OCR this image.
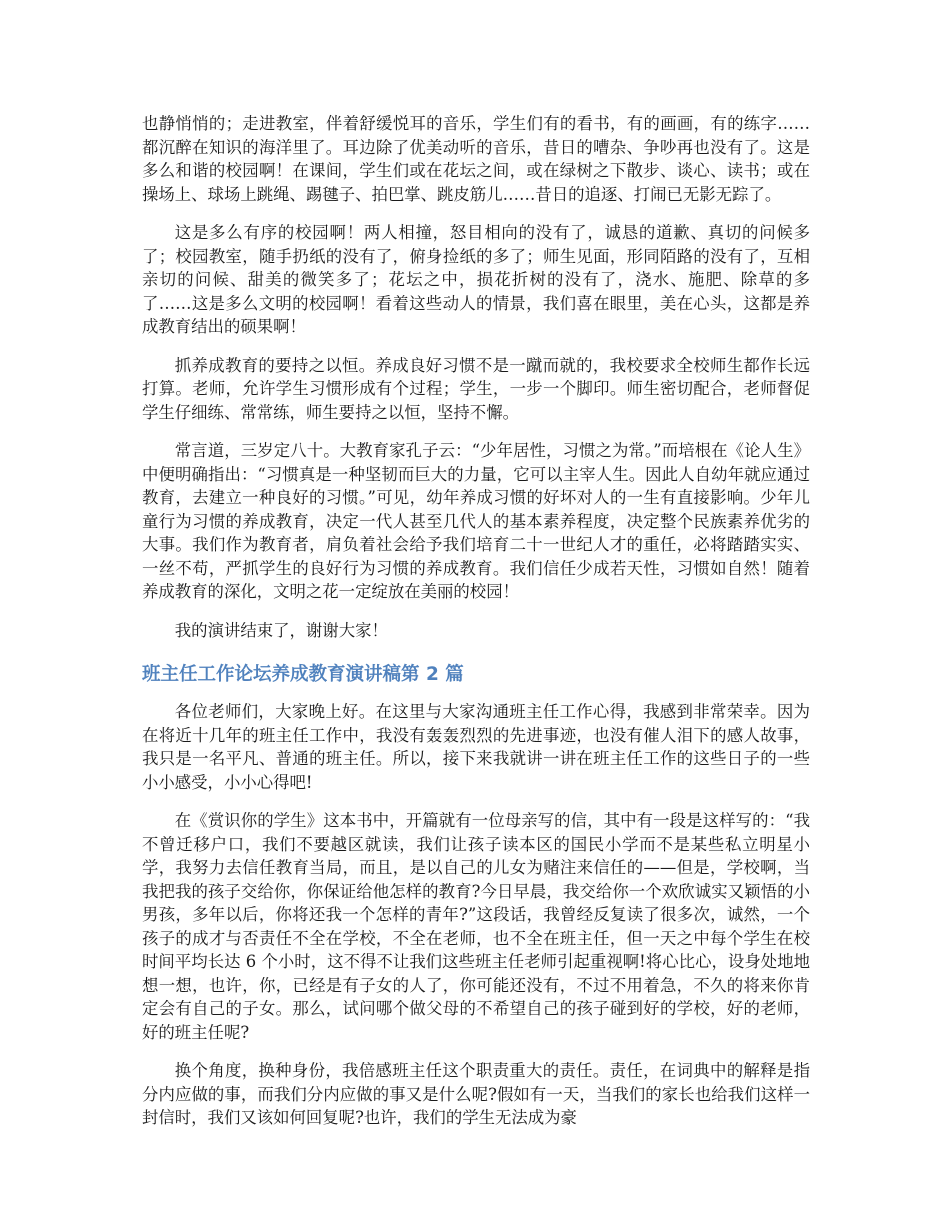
也静悄悄的；走进教室，伴着舒缓悦耳的音乐，学生们有的看书，有的画画，有的练字……都沉醉在知识的海洋里了。耳边除了优美动听的音乐，昔日的嘈杂、争吵再也没有了。这是多么和谐的校园啊！在课间，学生们或在花坛之间，或在绿树之下散步、谈心、读书；或在操场上、球场上跳绳、踢毽子、拍巴掌、跳皮筋儿……昔日的追逐、打闹已无影无踪了。

这是多么有序的校园啊！两人相撞，怒目相向的没有了，诚恳的道歉、真切的问候多了；校园教室，随手扔纸的没有了，俯身捡纸的多了；师生见面，形同陌路的没有了，互相亲切的问候、甜美的微笑多了；花坛之中，损花折树的没有了，浇水、施肥、除草的多了……这是多么文明的校园啊！看着这些动人的情景，我们喜在眼里，美在心头，这都是养成教育结出的硕果啊！

抓养成教育的要持之以恒。养成良好习惯不是一蹴而就的，我校要求全校师生都作长远打算。老师，允许学生习惯形成有个过程；学生，一步一个脚印。师生密切配合，老师督促学生仔细练、常常练，师生要持之以恒，坚持不懈。

常言道，三岁定八十。大教育家孔子云：“少年居性，习惯之为常。”而培根在《论人生》中便明确指出：“习惯真是一种坚韧而巨大的力量，它可以主宰人生。因此人自幼年就应通过教育，去建立一种良好的习惯。”可见，幼年养成习惯的好坏对人的一生有直接影响。少年儿童行为习惯的养成教育，决定一代人甚至几代人的基本素养程度，决定整个民族素养优劣的大事。我们作为教育者，肩负着社会给予我们培育二十一世纪人才的重任，必将踏踏实实、一丝不苟，严抓学生的良好行为习惯的养成教育。我们信任少成若天性，习惯如自然！随着养成教育的深化，文明之花一定绽放在美丽的校园！

我的演讲结束了，谢谢大家！

班主任工作论坛养成教育演讲稿第 2 篇

各位老师们，大家晚上好。在这里与大家沟通班主任工作心得，我感到非常荣幸。因为在将近十几年的班主任工作中，我没有轰轰烈烈的先进事迹，也没有催人泪下的感人故事，我只是一名平凡、普通的班主任。所以，接下来我就讲一讲在班主任工作的这些日子的一些小小感受，小小心得吧!

在《赏识你的学生》这本书中，开篇就有一位母亲写的信，其中有一段是这样写的：“我不曾迁移户口，我们不要越区就读，我们让孩子读本区的国民小学而不是某些私立明星小学，我努力去信任教育当局，而且，是以自己的儿女为赌注来信任的——但是，学校啊，当我把我的孩子交给你，你保证给他怎样的教育?今日早晨，我交给你一个欢欣诚实又颖悟的小男孩，多年以后，你将还我一个怎样的青年?”这段话，我曾经反复读了很多次，诚然，一个孩子的成才与否责任不全在学校，不全在老师，也不全在班主任，但一天之中每个学生在校时间平均长达 6 个小时，这不得不让我们这些班主任老师引起重视啊!将心比心，设身处地地想一想，也许，你，已经是有子女的人了，你可能还没有，不过不用着急，不久的将来你肯定会有自己的子女。那么，试问哪个做父母的不希望自己的孩子碰到好的学校，好的老师，好的班主任呢?

换个角度，换种身份，我倍感班主任这个职责重大的责任。责任，在词典中的解释是指分内应做的事，而我们分内应做的事又是什么呢?假如有一天，当我们的家长也给我们这样一封信时，我们又该如何回复呢?也许，我们的学生无法成为豪
